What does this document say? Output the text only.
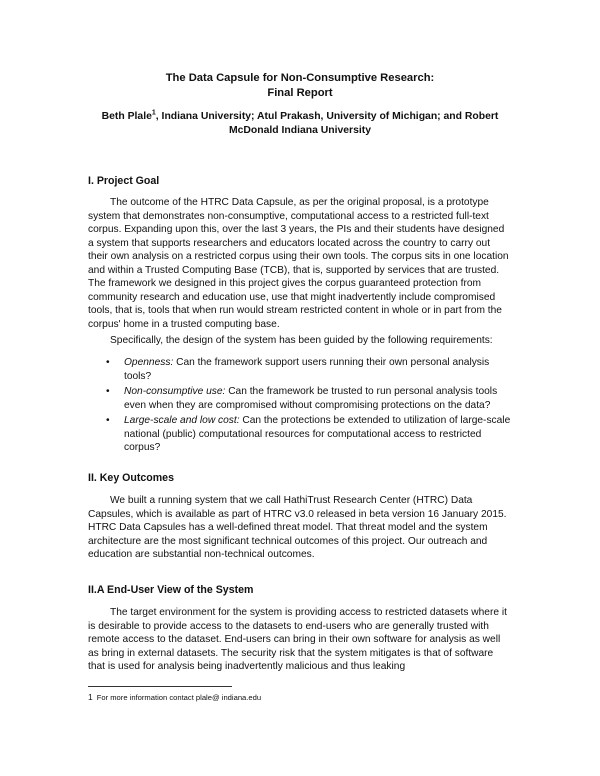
The Data Capsule for Non-Consumptive Research:
Final Report
Beth Plale$^1$, Indiana University; Atul Prakash, University of Michigan; and Robert McDonald Indiana University
I. Project Goal
The outcome of the HTRC Data Capsule, as per the original proposal, is a prototype system that demonstrates non-consumptive, computational access to a restricted full-text corpus. Expanding upon this, over the last 3 years, the PIs and their students have designed a system that supports researchers and educators located across the country to carry out their own analysis on a restricted corpus using their own tools. The corpus sits in one location and within a Trusted Computing Base (TCB), that is, supported by services that are trusted. The framework we designed in this project gives the corpus guaranteed protection from community research and education use, use that might inadvertently include compromised tools, that is, tools that when run would stream restricted content in whole or in part from the corpus' home in a trusted computing base.
Specifically, the design of the system has been guided by the following requirements:
• Openness: Can the framework support users running their own personal analysis tools?
• Non-consumptive use: Can the framework be trusted to run personal analysis tools even when they are compromised without compromising protections on the data?
• Large-scale and low cost: Can the protections be extended to utilization of large-scale national (public) computational resources for computational access to restricted corpus?
II. Key Outcomes
We built a running system that we call HathiTrust Research Center (HTRC) Data Capsules, which is available as part of HTRC v3.0 released in beta version 16 January 2015. HTRC Data Capsules has a well-defined threat model. That threat model and the system architecture are the most significant technical outcomes of this project. Our outreach and education are substantial non-technical outcomes.
II.A End-User View of the System
The target environment for the system is providing access to restricted datasets where it is desirable to provide access to the datasets to end-users who are generally trusted with remote access to the dataset. End-users can bring in their own software for analysis as well as bring in external datasets. The security risk that the system mitigates is that of software that is used for analysis being inadvertently malicious and thus leaking
1 For more information contact plale@ indiana.edu
